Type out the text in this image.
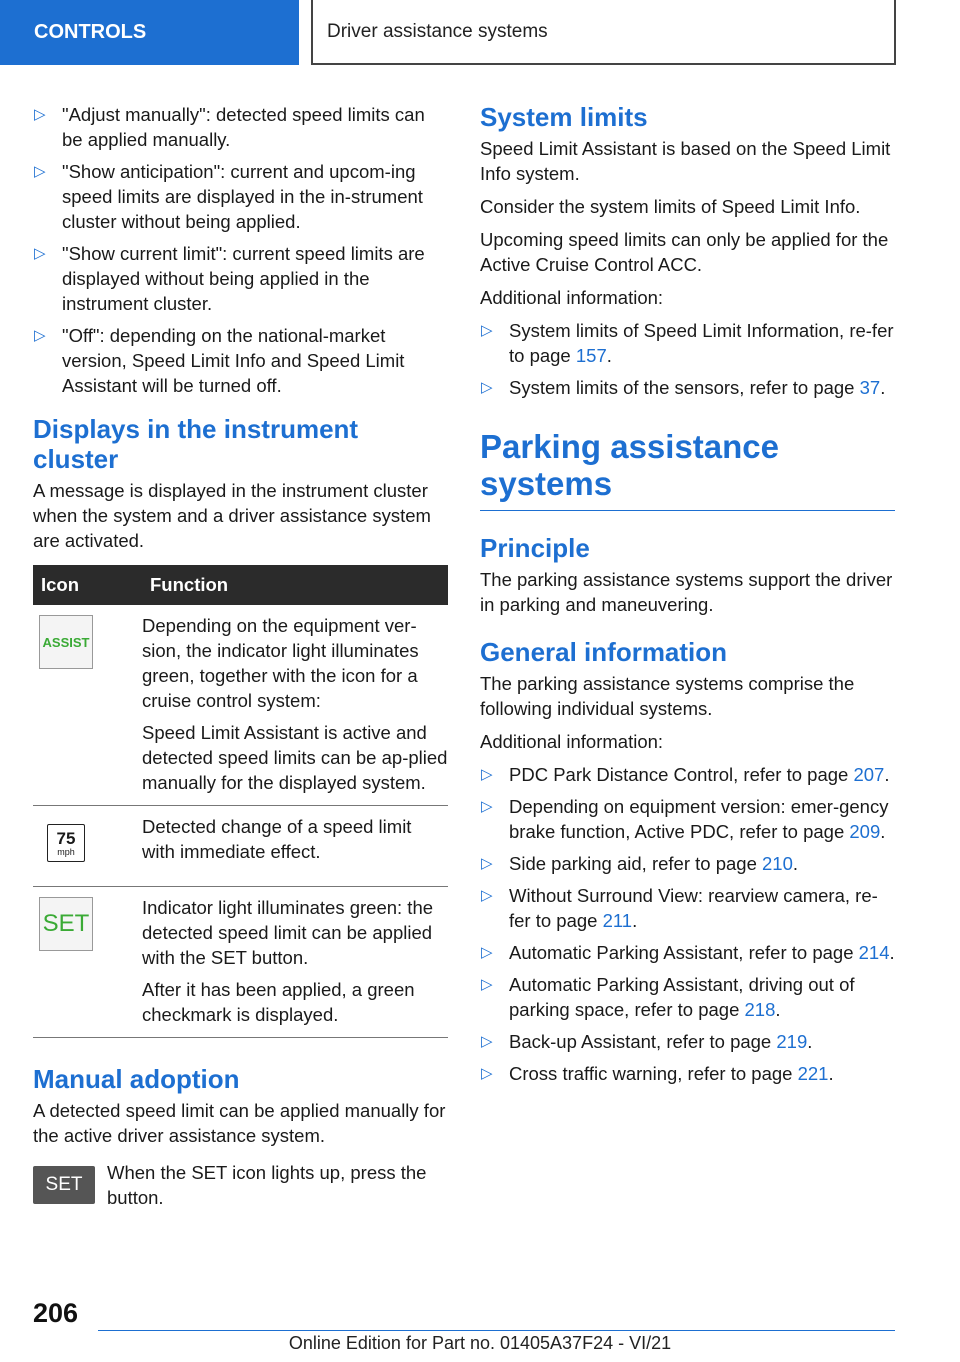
CONTROLS	Driver assistance systems
▷ "Adjust manually": detected speed limits can be applied manually.
▷ "Show anticipation": current and upcom-ing speed limits are displayed in the in-strument cluster without being applied.
▷ "Show current limit": current speed limits are displayed without being applied in the instrument cluster.
▷ "Off": depending on the national-market version, Speed Limit Info and Speed Limit Assistant will be turned off.
Displays in the instrument cluster

A message is displayed in the instrument cluster when the system and a driver assistance system are activated.

Icon	Function

ASSIST	Depending on the equipment ver-sion, the indicator light illuminates green, together with the icon for a cruise control system:

Speed Limit Assistant is active and detected speed limits can be ap-plied manually for the displayed system.

75
mph	Detected change of a speed limit with immediate effect.

SET	Indicator light illuminates green: the detected speed limit can be applied with the SET button.

After it has been applied, a green checkmark is displayed.

Manual adoption

A detected speed limit can be applied manually for the active driver assistance system.

SET

When the SET icon lights up, press the button.

System limits

Speed Limit Assistant is based on the Speed Limit Info system.

Consider the system limits of Speed Limit Info.

Upcoming speed limits can only be applied for the Active Cruise Control ACC.

Additional information:

▷ System limits of Speed Limit Information, re-fer to page 157.
▷ System limits of the sensors, refer to page 37.
Parking assistance systems
Principle

The parking assistance systems support the driver in parking and maneuvering.

General information

The parking assistance systems comprise the following individual systems.

Additional information:

▷ PDC Park Distance Control, refer to page 207.
▷ Depending on equipment version: emer-gency brake function, Active PDC, refer to page 209.
▷ Side parking aid, refer to page 210.
▷ Without Surround View: rearview camera, re-fer to page 211.
▷ Automatic Parking Assistant, refer to page 214.
▷ Automatic Parking Assistant, driving out of parking space, refer to page 218.
▷ Back-up Assistant, refer to page 219.
▷ Cross traffic warning, refer to page 221.
206
Online Edition for Part no. 01405A37F24 - VI/21
